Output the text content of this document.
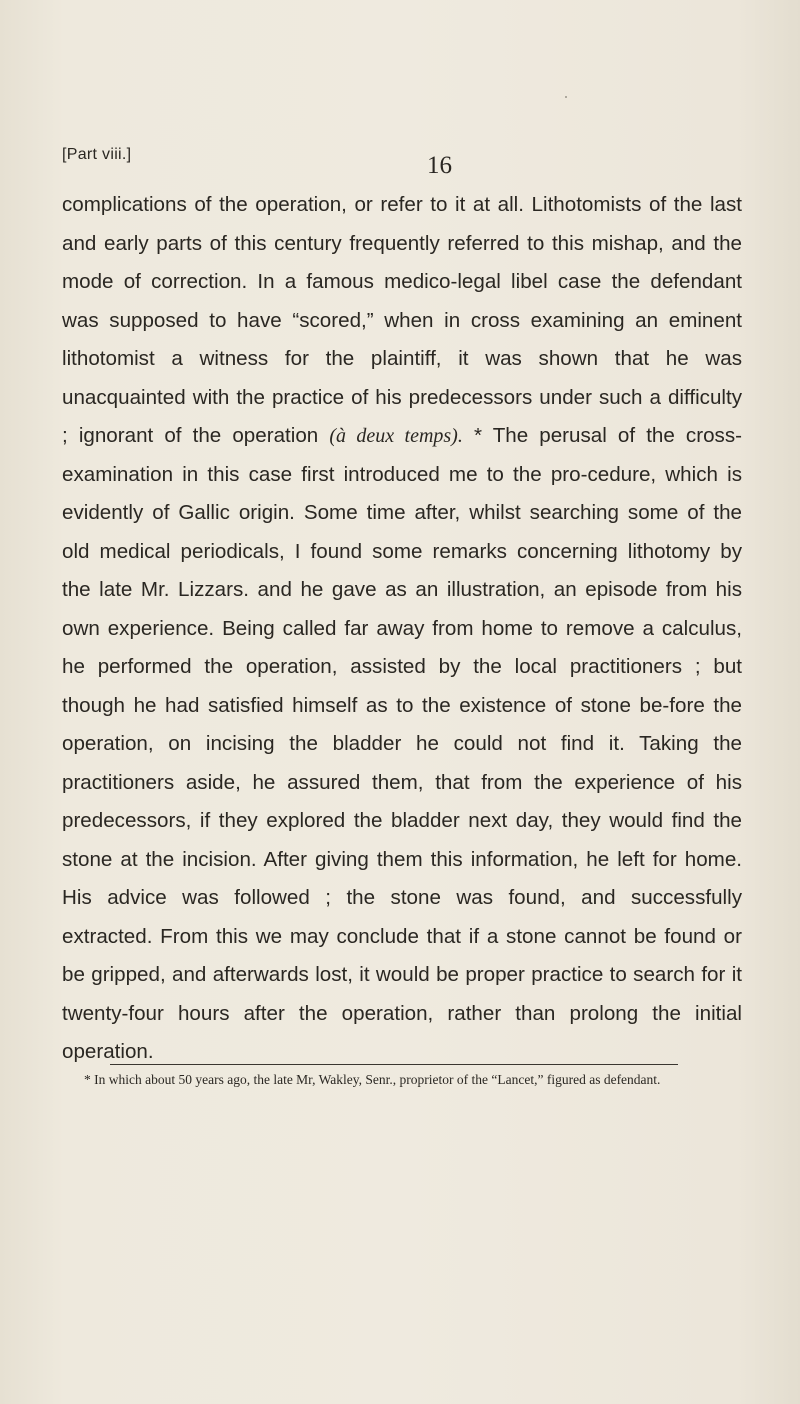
[Part viii.]	16

complications of the operation, or refer to it at all. Lithotomists of the last and early parts of this century frequently referred to this mishap, and the mode of correction. In a famous medico-legal libel case the defendant was supposed to have “scored,” when in cross examining an eminent lithotomist a witness for the plaintiff, it was shown that he was unacquainted with the practice of his predecessors under such a difficulty ; ignorant of the operation (à deux temps). * The perusal of the cross-examination in this case first introduced me to the pro-cedure, which is evidently of Gallic origin. Some time after, whilst searching some of the old medical periodicals, I found some remarks concerning lithotomy by the late Mr. Lizzars. and he gave as an illustration, an episode from his own experience. Being called far away from home to remove a calculus, he performed the operation, assisted by the local practitioners ; but though he had satisfied himself as to the existence of stone be-fore the operation, on incising the bladder he could not find it. Taking the practitioners aside, he assured them, that from the experience of his predecessors, if they explored the bladder next day, they would find the stone at the incision. After giving them this information, he left for home. His advice was followed ; the stone was found, and successfully extracted. From this we may conclude that if a stone cannot be found or be gripped, and afterwards lost, it would be proper practice to search for it twenty-four hours after the operation, rather than prolong the initial operation.

* In which about 50 years ago, the late Mr, Wakley, Senr., proprietor of the “Lancet,” figured as defendant.
